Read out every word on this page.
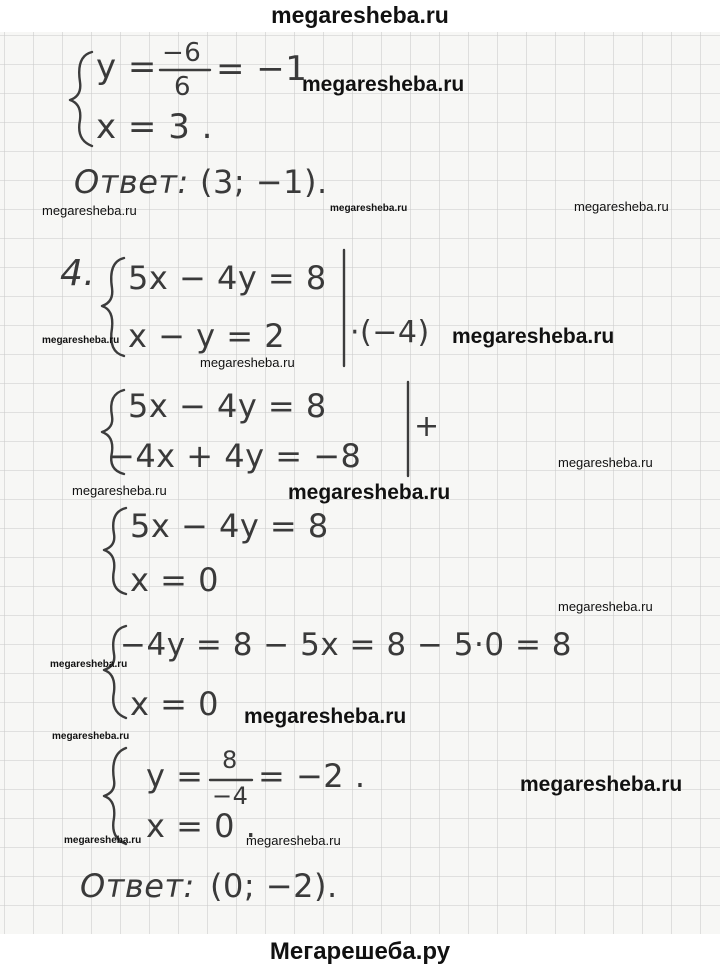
megaresheba.ru
Мегарешеба.ру
y = −6
6 = −1
x = 3 .
Ответ: (3; −1).
4. 5x − 4y = 8
x − y = 2 ·(−4)
5x − 4y = 8
−4x + 4y = −8
+
5x − 4y = 8
x = 0
−4y = 8 − 5x = 8 − 5·0 = 8
x = 0
y = 8
−4
= −2 .
x = 0 .
Ответ: (0; −2).
megaresheba.ru
megaresheba.ru	megaresheba.ru	megaresheba.ru
megaresheba.ru	megaresheba.ru
megaresheba.ru
megaresheba.ru
megaresheba.ru	megaresheba.ru
megaresheba.ru
megaresheba.ru
megaresheba.ru
megaresheba.ru
megaresheba.ru
megaresheba.ru	megaresheba.ru
